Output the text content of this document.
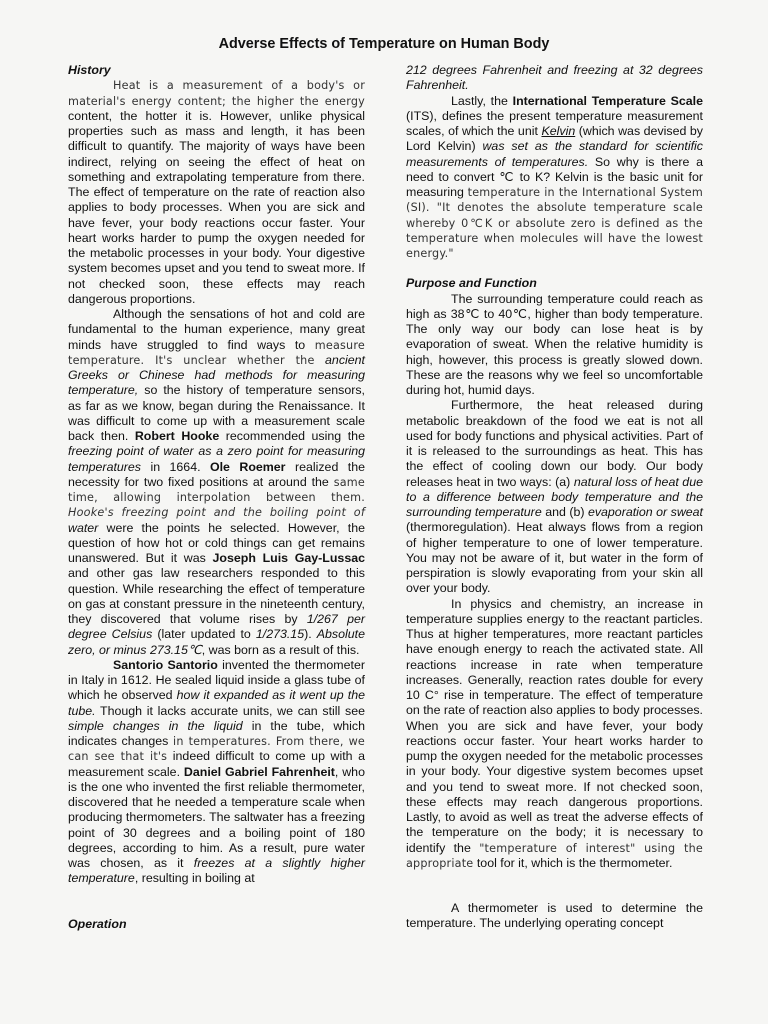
Adverse Effects of Temperature on Human Body

History

Heat is a measurement of a body's or material's energy content; the higher the energy content, the hotter it is. However, unlike physical properties such as mass and length, it has been difficult to quantify. The majority of ways have been indirect, relying on seeing the effect of heat on something and extrapolating temperature from there. The effect of temperature on the rate of reaction also applies to body processes. When you are sick and have fever, your body reactions occur faster. Your heart works harder to pump the oxygen needed for the metabolic processes in your body. Your digestive system becomes upset and you tend to sweat more. If not checked soon, these effects may reach dangerous proportions.

Although the sensations of hot and cold are fundamental to the human experience, many great minds have struggled to find ways to measure temperature. It's unclear whether the ancient Greeks or Chinese had methods for measuring temperature, so the history of temperature sensors, as far as we know, began during the Renaissance. It was difficult to come up with a measurement scale back then. Robert Hooke recommended using the freezing point of water as a zero point for measuring temperatures in 1664. Ole Roemer realized the necessity for two fixed positions at around the same time, allowing interpolation between them. Hooke's freezing point and the boiling point of water were the points he selected. However, the question of how hot or cold things can get remains unanswered. But it was Joseph Luis Gay-Lussac and other gas law researchers responded to this question. While researching the effect of temperature on gas at constant pressure in the nineteenth century, they discovered that volume rises by 1/267 per degree Celsius (later updated to 1/273.15). Absolute zero, or minus 273.15℃, was born as a result of this.

Santorio Santorio invented the thermometer in Italy in 1612. He sealed liquid inside a glass tube of which he observed how it expanded as it went up the tube. Though it lacks accurate units, we can still see simple changes in the liquid in the tube, which indicates changes in temperatures. From there, we can see that it's indeed difficult to come up with a measurement scale. Daniel Gabriel Fahrenheit, who is the one who invented the first reliable thermometer, discovered that he needed a temperature scale when producing thermometers. The saltwater has a freezing point of 30 degrees and a boiling point of 180 degrees, according to him. As a result, pure water was chosen, as it freezes at a slightly higher temperature, resulting in boiling at

Operation

212 degrees Fahrenheit and freezing at 32 degrees Fahrenheit.

Lastly, the International Temperature Scale (ITS), defines the present temperature measurement scales, of which the unit Kelvin (which was devised by Lord Kelvin) was set as the standard for scientific measurements of temperatures. So why is there a need to convert ℃ to K? Kelvin is the basic unit for measuring temperature in the International System (SI). "It denotes the absolute temperature scale whereby 0℃K or absolute zero is defined as the temperature when molecules will have the lowest energy."

Purpose and Function

The surrounding temperature could reach as high as 38℃ to 40℃, higher than body temperature. The only way our body can lose heat is by evaporation of sweat. When the relative humidity is high, however, this process is greatly slowed down. These are the reasons why we feel so uncomfortable during hot, humid days.

Furthermore, the heat released during metabolic breakdown of the food we eat is not all used for body functions and physical activities. Part of it is released to the surroundings as heat. This has the effect of cooling down our body. Our body releases heat in two ways: (a) natural loss of heat due to a difference between body temperature and the surrounding temperature and (b) evaporation or sweat (thermoregulation). Heat always flows from a region of higher temperature to one of lower temperature. You may not be aware of it, but water in the form of perspiration is slowly evaporating from your skin all over your body.

In physics and chemistry, an increase in temperature supplies energy to the reactant particles. Thus at higher temperatures, more reactant particles have enough energy to reach the activated state. All reactions increase in rate when temperature increases. Generally, reaction rates double for every 10 C° rise in temperature. The effect of temperature on the rate of reaction also applies to body processes. When you are sick and have fever, your body reactions occur faster. Your heart works harder to pump the oxygen needed for the metabolic processes in your body. Your digestive system becomes upset and you tend to sweat more. If not checked soon, these effects may reach dangerous proportions. Lastly, to avoid as well as treat the adverse effects of the temperature on the body; it is necessary to identify the "temperature of interest" using the appropriate tool for it, which is the thermometer.

A thermometer is used to determine the temperature. The underlying operating concept
